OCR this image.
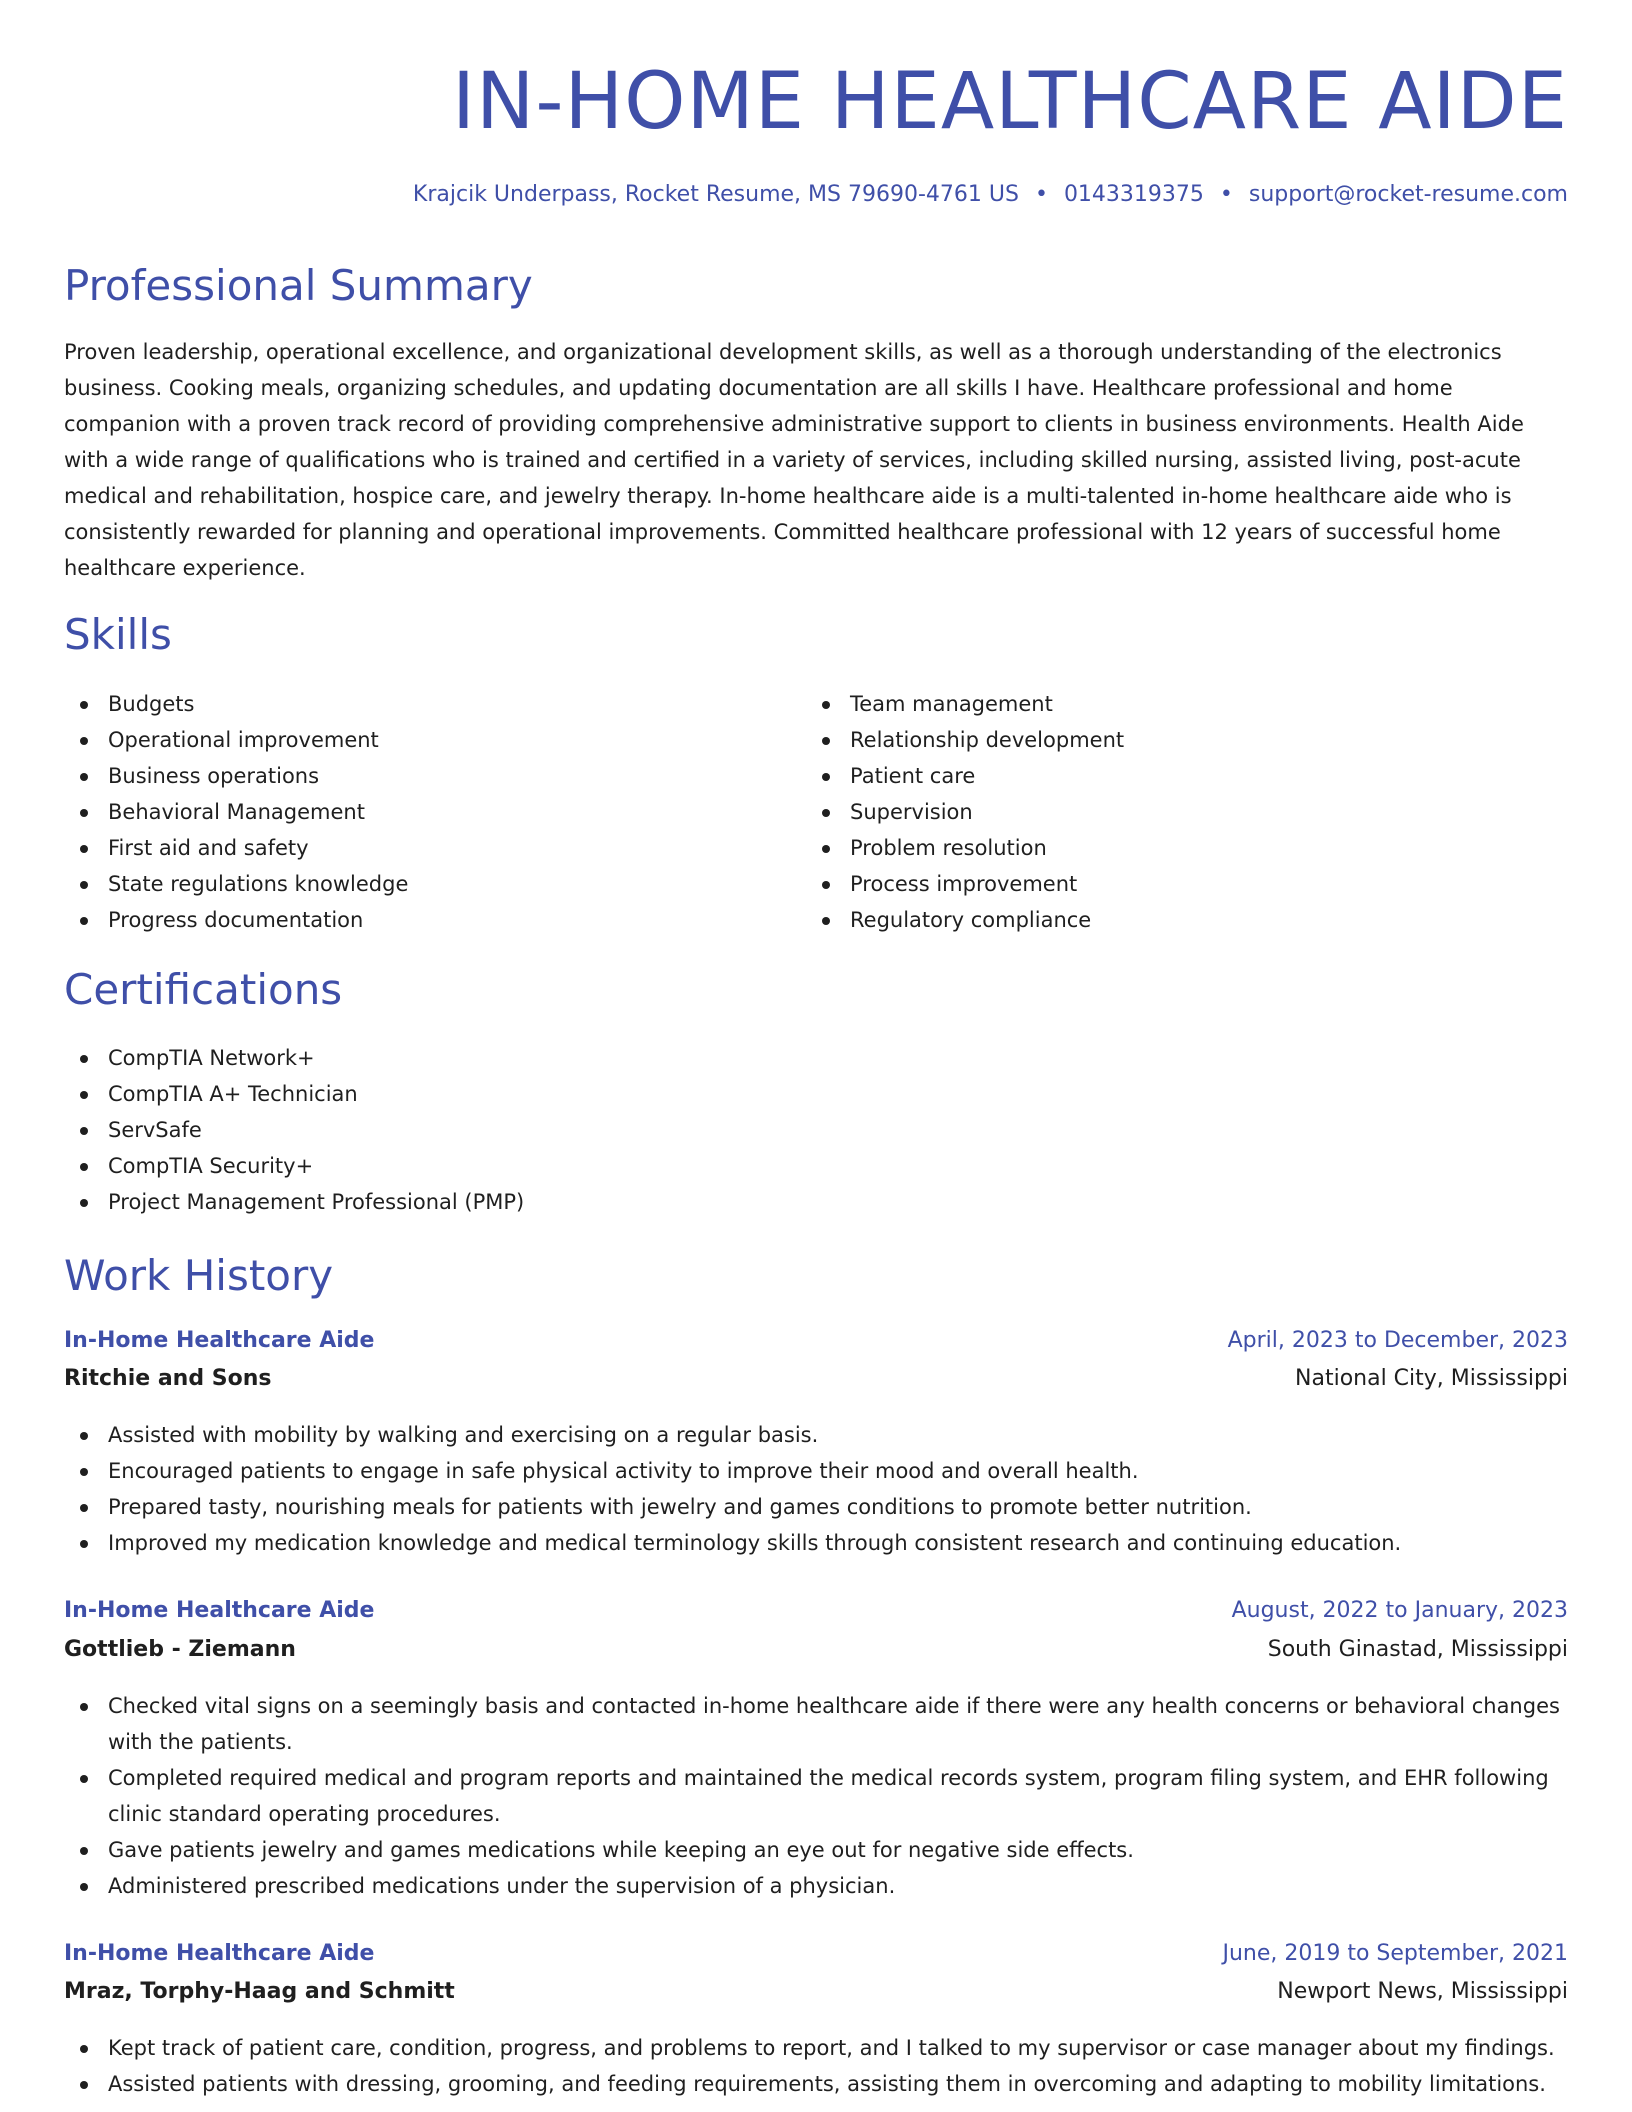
IN-HOME HEALTHCARE AIDE
Krajcik Underpass, Rocket Resume, MS 79690-4761 US • 0143319375 • support@rocket-resume.com
Professional Summary

Proven leadership, operational excellence, and organizational development skills, as well as a thorough understanding of the electronics business. Cooking meals, organizing schedules, and updating documentation are all skills I have. Healthcare professional and home companion with a proven track record of providing comprehensive administrative support to clients in business environments. Health Aide with a wide range of qualifications who is trained and certified in a variety of services, including skilled nursing, assisted living, post-acute medical and rehabilitation, hospice care, and jewelry therapy. In-home healthcare aide is a multi-talented in-home healthcare aide who is consistently rewarded for planning and operational improvements. Committed healthcare professional with 12 years of successful home healthcare experience.

Skills
Budgets
Operational improvement
Business operations
Behavioral Management
First aid and safety
State regulations knowledge
Progress documentation
Team management
Relationship development
Patient care
Supervision
Problem resolution
Process improvement
Regulatory compliance
Certifications
CompTIA Network+
CompTIA A+ Technician
ServSafe
CompTIA Security+
Project Management Professional (PMP)
Work History
In-Home Healthcare Aide	April, 2023 to December, 2023
Ritchie and Sons	National City, Mississippi
Assisted with mobility by walking and exercising on a regular basis.
Encouraged patients to engage in safe physical activity to improve their mood and overall health.
Prepared tasty, nourishing meals for patients with jewelry and games conditions to promote better nutrition.
Improved my medication knowledge and medical terminology skills through consistent research and continuing education.
In-Home Healthcare Aide	August, 2022 to January, 2023
Gottlieb - Ziemann	South Ginastad, Mississippi
Checked vital signs on a seemingly basis and contacted in-home healthcare aide if there were any health concerns or behavioral changes with the patients.
Completed required medical and program reports and maintained the medical records system, program filing system, and EHR following clinic standard operating procedures.
Gave patients jewelry and games medications while keeping an eye out for negative side effects.
Administered prescribed medications under the supervision of a physician.
In-Home Healthcare Aide	June, 2019 to September, 2021
Mraz, Torphy-Haag and Schmitt	Newport News, Mississippi
Kept track of patient care, condition, progress, and problems to report, and I talked to my supervisor or case manager about my findings.
Assisted patients with dressing, grooming, and feeding requirements, assisting them in overcoming and adapting to mobility limitations.
